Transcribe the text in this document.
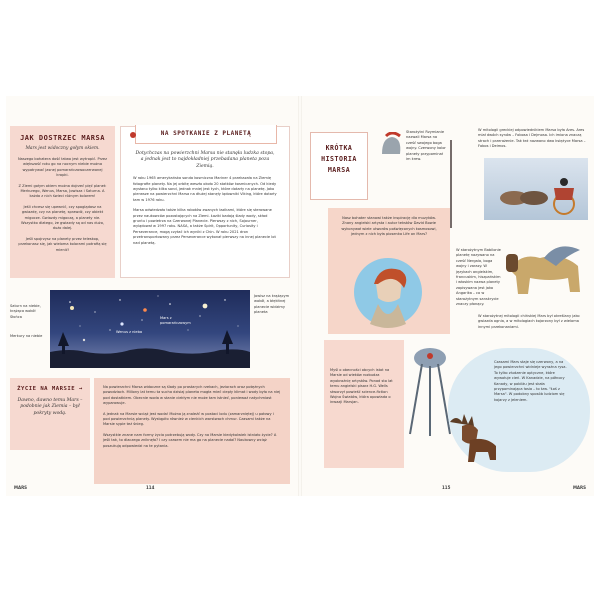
JAK DOSTRZEC MARSA
Mars jest widoczny gołym okiem.
Naszego bohatera dość łatwo jest wytropić. Przez większość roku go na nocnym niebie można wypatrywać jasnej pomarańczowoczerwonej kropki.
Z Ziemi gołym okiem można dojrzeć pięć planet: Merkurego, Wenus, Marsa, Jowisza i Saturna. A każda z nich świeci różnym kolorem!
Jeśli chcesz się upewnić, czy spoglądasz na gwiazdę, czy na planetę, sprawdź, czy obiekt migocze. Gwiazdy migoczą, a planety nie. Wszystko dlatego, że gwiazdy są od nas dużo, dużo dalej.
Jeśli spojrzysz na planety przez teleskop, przekonasz się, jak wieloma kolorami potrafią się mienić!
NA SPOTKANIE Z PLANETĄ
Dotychczas na powierzchni Marsa nie stanęła ludzka stopa, a jednak jest to najdokładniej przebadana planeta poza Ziemią.
W roku 1965 amerykańska sonda kosmiczna Mariner 4 przekazała na Ziemię fotografie planety. Na jej orbitę weszło około 20 statków kosmicznych. Od kiedy wysłano tylko kilka sond, jednak mniej jest tych, które dotarły na planetę. Jako pierwsze na powierzchni Marsa na dłużej stanęły lądowniki Viking, które dotarły tam w 1976 roku.
Marsa odwiedzało także kilka robotów zwanych łazikami, które się sterowane przez naukowców pozostających na Ziemi. Łaziki badają ślady wody, skład gruntu i powietrza na Czerwonej Planecie. Pierwszy z nich, Sojourner, wylądował w 1997 roku. NASA, a także Spirit, Opportunity, Curiosity i Perseverance, mogą czytać ich wyniki z Chin. W roku 2021 dron przetransportowany przez Perseverance wykonał pierwszy na innej planecie lot nad planetą.
Mars z pomarańczowym
Wenus z nieba
Saturn na niebie, krążąca wokół Słońca
Merkury na niebie
Jowisz na krążącym wokół, a błękitnej planecie widzimy planeta
ŻYCIE NA MARSIE →
Dawno, dawno temu Mars – podobnie jak Ziemia – był pokryty wodą.
Na powierzchni Marsa widoczne są ślady po prastarych rzekach, jeziorach oraz potężnych powodziach. Miliony lat temu ta sucha dzisiaj planeta mogła mieć ciepły klimat i wody było na niej pod dostatkiem. Obecnie woda w stanie ciekłym nie może tam istnieć, ponieważ natychmiast wyparowuje.
A jednak na Marsie wciąż jest woda! Można ją znaleźć w postaci lodu (zamarzniętej) u połowy i pod powierzchnią planety. Wystąpiło również w cienkich warstwach chmur. Czasami także na Marsie sypie też śnieg.
Wszystkie znane nam formy życia potrzebują wody. Czy na Marsie kiedykolwiek istniało życie? A jeśli tak, to dlaczego zniknęło? I czy czasem nie ma go na planecie nadal? Naukowcy wciąż poszukują odpowiedzi na te pytania.
MARS	114
KRÓTKA HISTORIA MARSA
Starożytni Rzymianie nazwali Marsa na cześć swojego boga wojny. Czerwony kolor planety przypominał im krew.
W mitologii greckiej odpowiednikiem Marsa była Ares. Ares miał dwóch synów – Fobosa i Dejmosa. Ich imiona znaczą strach i przerażenie. Tak też nazwano dwa księżyce Marsa – Fobos i Deimos.
Nasz bohater stanowi także inspirację dla muzyków. Znany angielski artysta i autor tekstów David Bowie wykonywał wiele utworów poświęconych kosmosowi, jednym z nich była piosenka Life on Mars?
W starożytnym Babilonie planetę nazywano na cześć Nergala, boga wojny i zarazy. W językach angielskim, francuskim, hiszpańskim i włoskim nazwa planety zapisywana jest jako Angarika – co w starożytnym sanskrycie znaczy płonący.
W starożytnej mitologii chińskiej Mars był określany jako gwiazda ognia, a w mitologiach kojarzony był z wieloma innymi przekonaniami.
Myśl o obecności obcych istot na Marsie od wieków rozbudza wyobraźnię artystów. Ponad sto lat temu angielski pisarz H.G. Wells stworzył powieść science-fiction Wojna Światów, która opowiada o inwazji Marsjan.
Czasami Mars staje się czerwony, a na jego powierzchni widnieje wyraźna rysa. To tylko złudzenie optyczne, które wywołuje cień. W Kanadzie, na północy Kanady, w pobliżu jest skała przypominająca łosia – to tzw. "Łoś z Marsa". W podobny sposób ludziom się kojarzy z jeleniem.
115	MARS
